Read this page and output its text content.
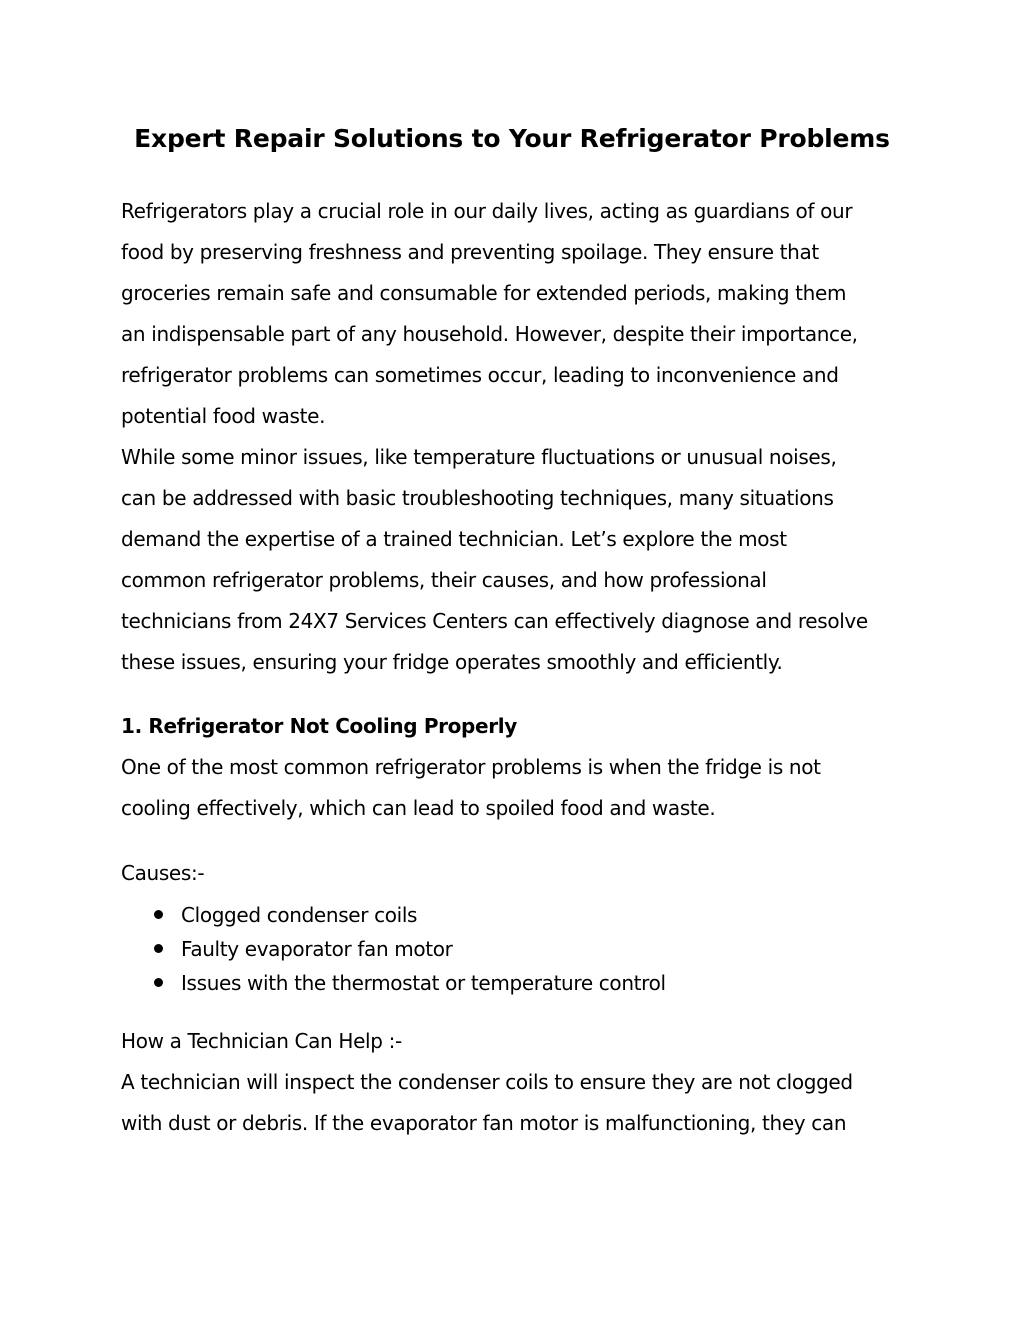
Expert Repair Solutions to Your Refrigerator Problems

Refrigerators play a crucial role in our daily lives, acting as guardians of our
food by preserving freshness and preventing spoilage. They ensure that
groceries remain safe and consumable for extended periods, making them
an indispensable part of any household. However, despite their importance,
refrigerator problems can sometimes occur, leading to inconvenience and
potential food waste.

While some minor issues, like temperature fluctuations or unusual noises,
can be addressed with basic troubleshooting techniques, many situations
demand the expertise of a trained technician. Let’s explore the most
common refrigerator problems, their causes, and how professional
technicians from 24X7 Services Centers can effectively diagnose and resolve
these issues, ensuring your fridge operates smoothly and efficiently.

1. Refrigerator Not Cooling Properly

One of the most common refrigerator problems is when the fridge is not
cooling effectively, which can lead to spoiled food and waste.

Causes:-

Clogged condenser coils
Faulty evaporator fan motor
Issues with the thermostat or temperature control

How a Technician Can Help :-

A technician will inspect the condenser coils to ensure they are not clogged
with dust or debris. If the evaporator fan motor is malfunctioning, they can
